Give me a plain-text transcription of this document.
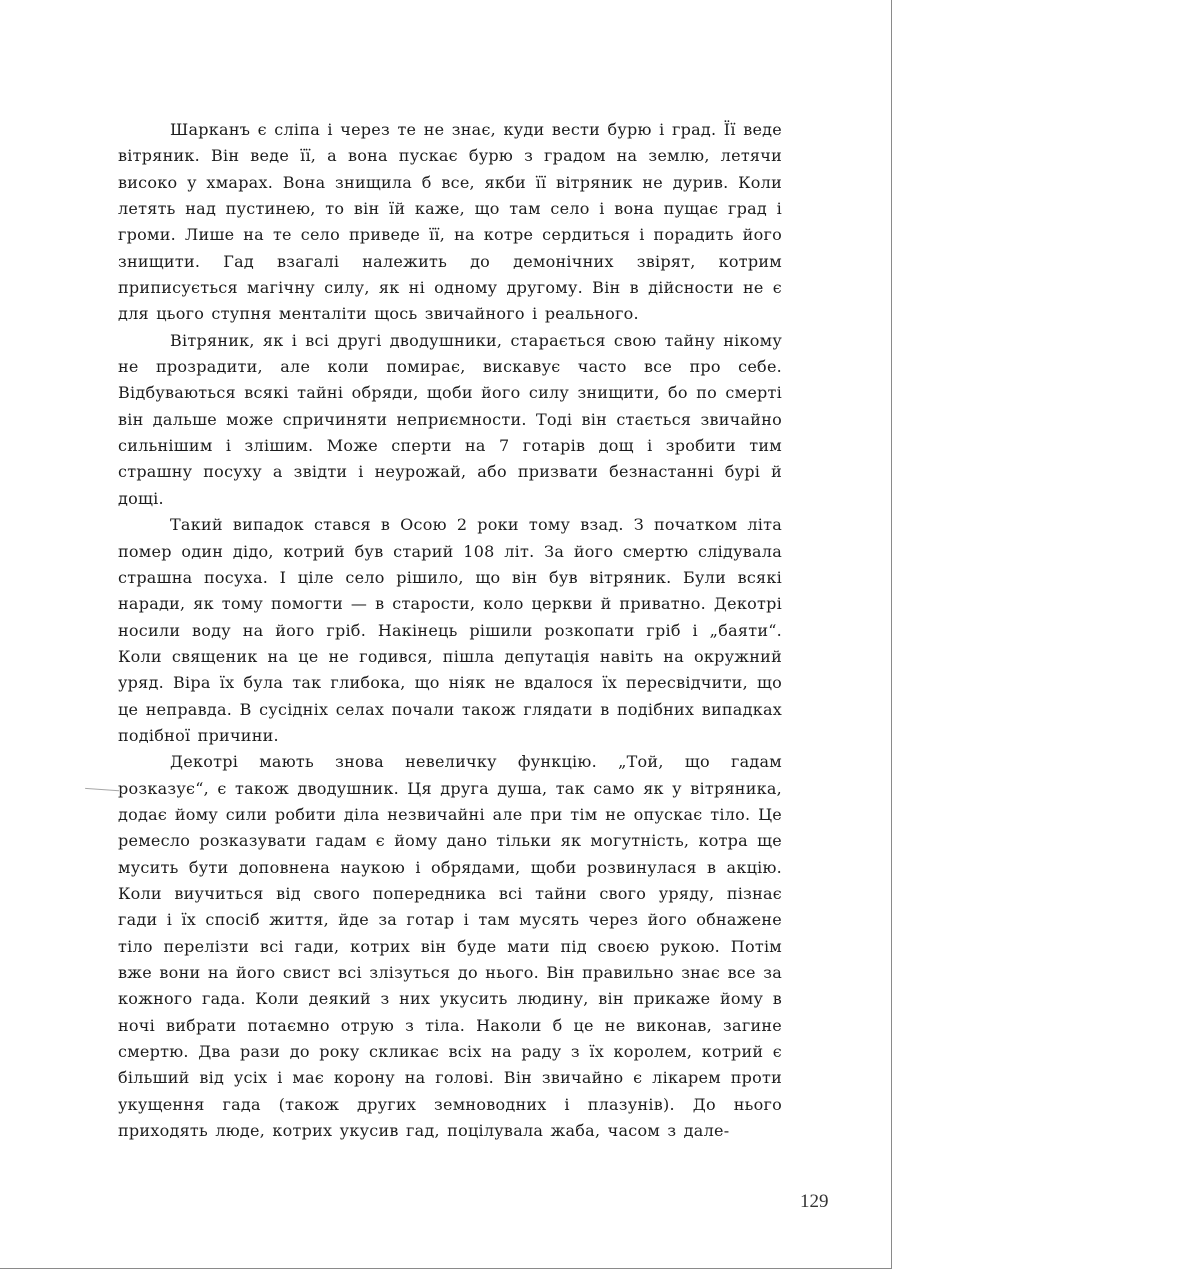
Шарканъ є сліпа і через те не знає, куди вести бурю і град. Її веде вітряник. Він веде її, а вона пускає бурю з градом на землю, летячи високо у хмарах. Вона знищила б все, якби її вітряник не дурив. Коли летять над пустинею, то він їй каже, що там село і вона пущає град і громи. Лише на те село приведе її, на котре сердиться і порадить його знищити. Гад взагалі належить до демонічних звірят, котрим приписується магічну силу, як ні одному другому. Він в дійсности не є для цього ступня менталіти щось звичайного і реального.

Вітряник, як і всі другі дводушники, старається свою тайну нікому не прозрадити, але коли помирає, виcкавує часто все про себе. Відбуваються всякі тайні обряди, щоби його силу знищити, бо по смерті він дальше може спричиняти неприємности. Тоді він стається звичайно сильнішим і злішим. Може сперти на 7 готарів дощ і зробити тим страшну посуху а звідти і неурожай, або призвати безнастанні бурі й дощі.

Такий випадок стався в Осою 2 роки тому взад. З початком літа помер один дідо, котрий був старий 108 літ. За його смертю слідувала страшна посуха. І ціле село рішило, що він був вітряник. Були всякі наради, як тому помогти — в старости, коло церкви й приватно. Декотрі носили воду на його гріб. Накінець рішили розкопати гріб і „баяти“. Коли священик на це не годився, пішла депутація навіть на окружний уряд. Віра їх була так глибока, що ніяк не вдалося їх пересвідчити, що це неправда. В сусідніх селах почали також глядати в подібних випадках подібної причини.

Декотрі мають знова невеличку функцію. „Той, що гадам розказує“, є також дводушник. Ця друга душа, так само як у вітряника, додає йому сили робити діла незвичайні але при тім не опускає тіло. Це ремесло розказувати гадам є йому дано тільки як могутність, котра ще мусить бути доповнена наукою і обрядами, щоби розвинулася в акцію. Коли виучиться від свого попередника всі тайни свого уряду, пізнає гади і їх спосіб життя, йде за готар і там мусять через його обнажене тіло перелізти всі гади, котрих він буде мати під своєю рукою. Потім вже вони на його свист всі злізуться до нього. Він правильно знає все за кожного гада. Коли деякий з них укусить людину, він прикаже йому в ночі вибрати потаємно отрую з тіла. Наколи б це не виконав, загине смертю. Два рази до року скликає всіх на раду з їх королем, котрий є більший від усіх і має корону на голові. Він звичайно є лікарем проти укущення гада (також других земноводних і плазунів). До нього приходять люде, котрих укусив гад, поцілувала жаба, часом з дале-

129
